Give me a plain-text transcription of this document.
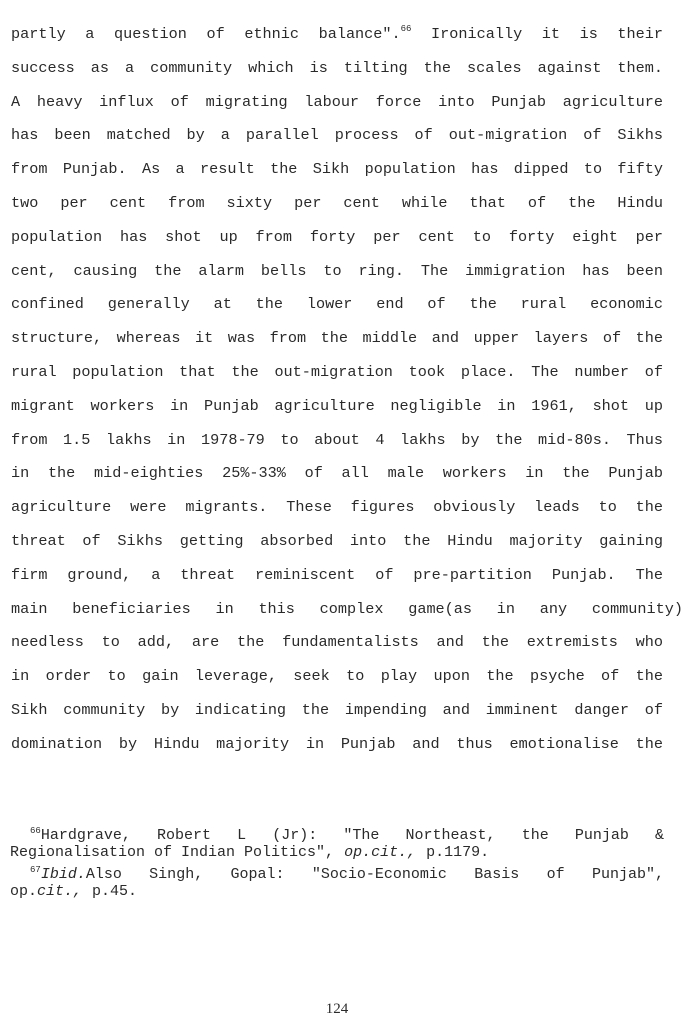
partly a question of ethnic balance".$^{66}$ Ironically it is their
success as a community which is tilting the scales against them.
A heavy influx of migrating labour force into Punjab agriculture
has been matched by a parallel process of out-migration of Sikhs
from Punjab. As a result the Sikh population has dipped to fifty
two per cent from sixty per cent while that of the Hindu
population has shot up from forty per cent to forty eight per
cent, causing the alarm bells to ring. The immigration has been
confined generally at the lower end of the rural economic
structure, whereas it was from the middle and upper layers of the
rural population that the out-migration took place. The number of
migrant workers in Punjab agriculture negligible in 1961, shot up
from 1.5 lakhs in 1978-79 to about 4 lakhs by the mid-80s. Thus
in the mid-eighties 25%-33% of all male workers in the Punjab
agriculture were migrants. These figures obviously leads to the
threat of Sikhs getting absorbed into the Hindu majority gaining
firm ground, a threat reminiscent of pre-partition Punjab. The
main beneficiaries in this complex game(as in any community)
needless to add, are the fundamentalists and the extremists who
in order to gain leverage, seek to play upon the psyche of the
Sikh community by indicating the impending and imminent danger of
domination by Hindu majority in Punjab and thus emotionalise the
$^{66}$Hardgrave, Robert L (Jr): "The Northeast, the Punjab &
Regionalisation of Indian Politics", op.cit., p.1179.
$^{67}$Ibid.Also Singh, Gopal: "Socio-Economic Basis of Punjab",
op.cit., p.45.
124
